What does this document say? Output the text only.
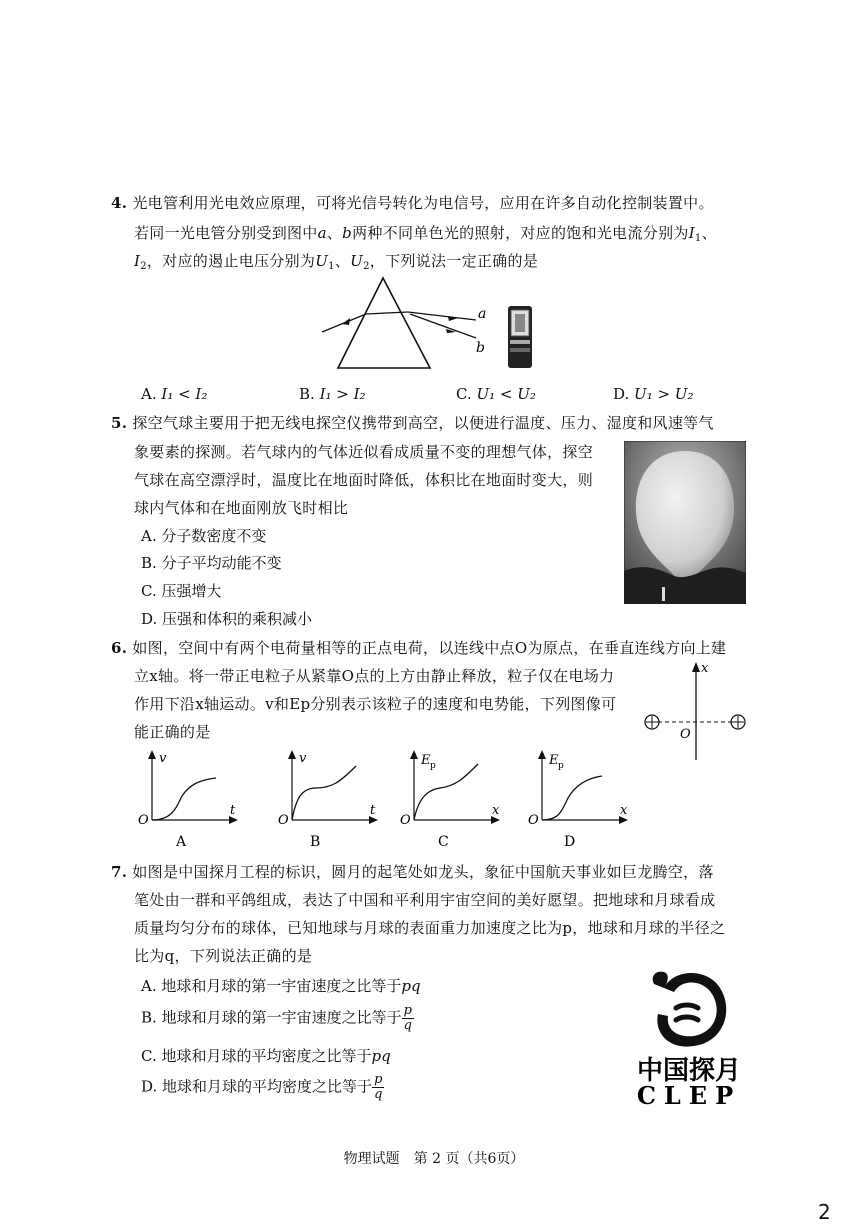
4. 光电管利用光电效应原理，可将光信号转化为电信号，应用在许多自动化控制装置中。
若同一光电管分别受到图中a、b两种不同单色光的照射，对应的饱和光电流分别为$I_1$、
$I_2$，对应的遏止电压分别为$U_1$、$U_2$，下列说法一定正确的是
a
b
A. I₁ < I₂	B. I₁ > I₂	C. U₁ < U₂	D. U₁ > U₂
5. 探空气球主要用于把无线电探空仪携带到高空，以便进行温度、压力、湿度和风速等气
象要素的探测。若气球内的气体近似看成质量不变的理想气体，探空
气球在高空漂浮时，温度比在地面时降低，体积比在地面时变大，则
球内气体和在地面刚放飞时相比
A. 分子数密度不变
B. 分子平均动能不变
C. 压强增大
D. 压强和体积的乘积减小
6. 如图，空间中有两个电荷量相等的正点电荷，以连线中点O为原点，在垂直连线方向上建
立x轴。将一带正电粒子从紧靠O点的上方由静止释放，粒子仅在电场力
作用下沿x轴运动。v和Ep分别表示该粒子的速度和电势能，下列图像可
能正确的是
x
O
v
t
O
A
v
t
O
B
E p
x
O
C
E p
x
O
D
7. 如图是中国探月工程的标识，圆月的起笔处如龙头，象征中国航天事业如巨龙腾空，落
笔处由一群和平鸽组成，表达了中国和平利用宇宙空间的美好愿望。把地球和月球看成
质量均匀分布的球体，已知地球与月球的表面重力加速度之比为p，地球和月球的半径之
比为q，下列说法正确的是
A. 地球和月球的第一宇宙速度之比等于pq
B. 地球和月球的第一宇宙速度之比等于 $\frac{p}{q}$
C. 地球和月球的平均密度之比等于pq
D. 地球和月球的平均密度之比等于 $\frac{p}{q}$
中国探月
CLEP
物理试题　第 2 页（共6页）
2
